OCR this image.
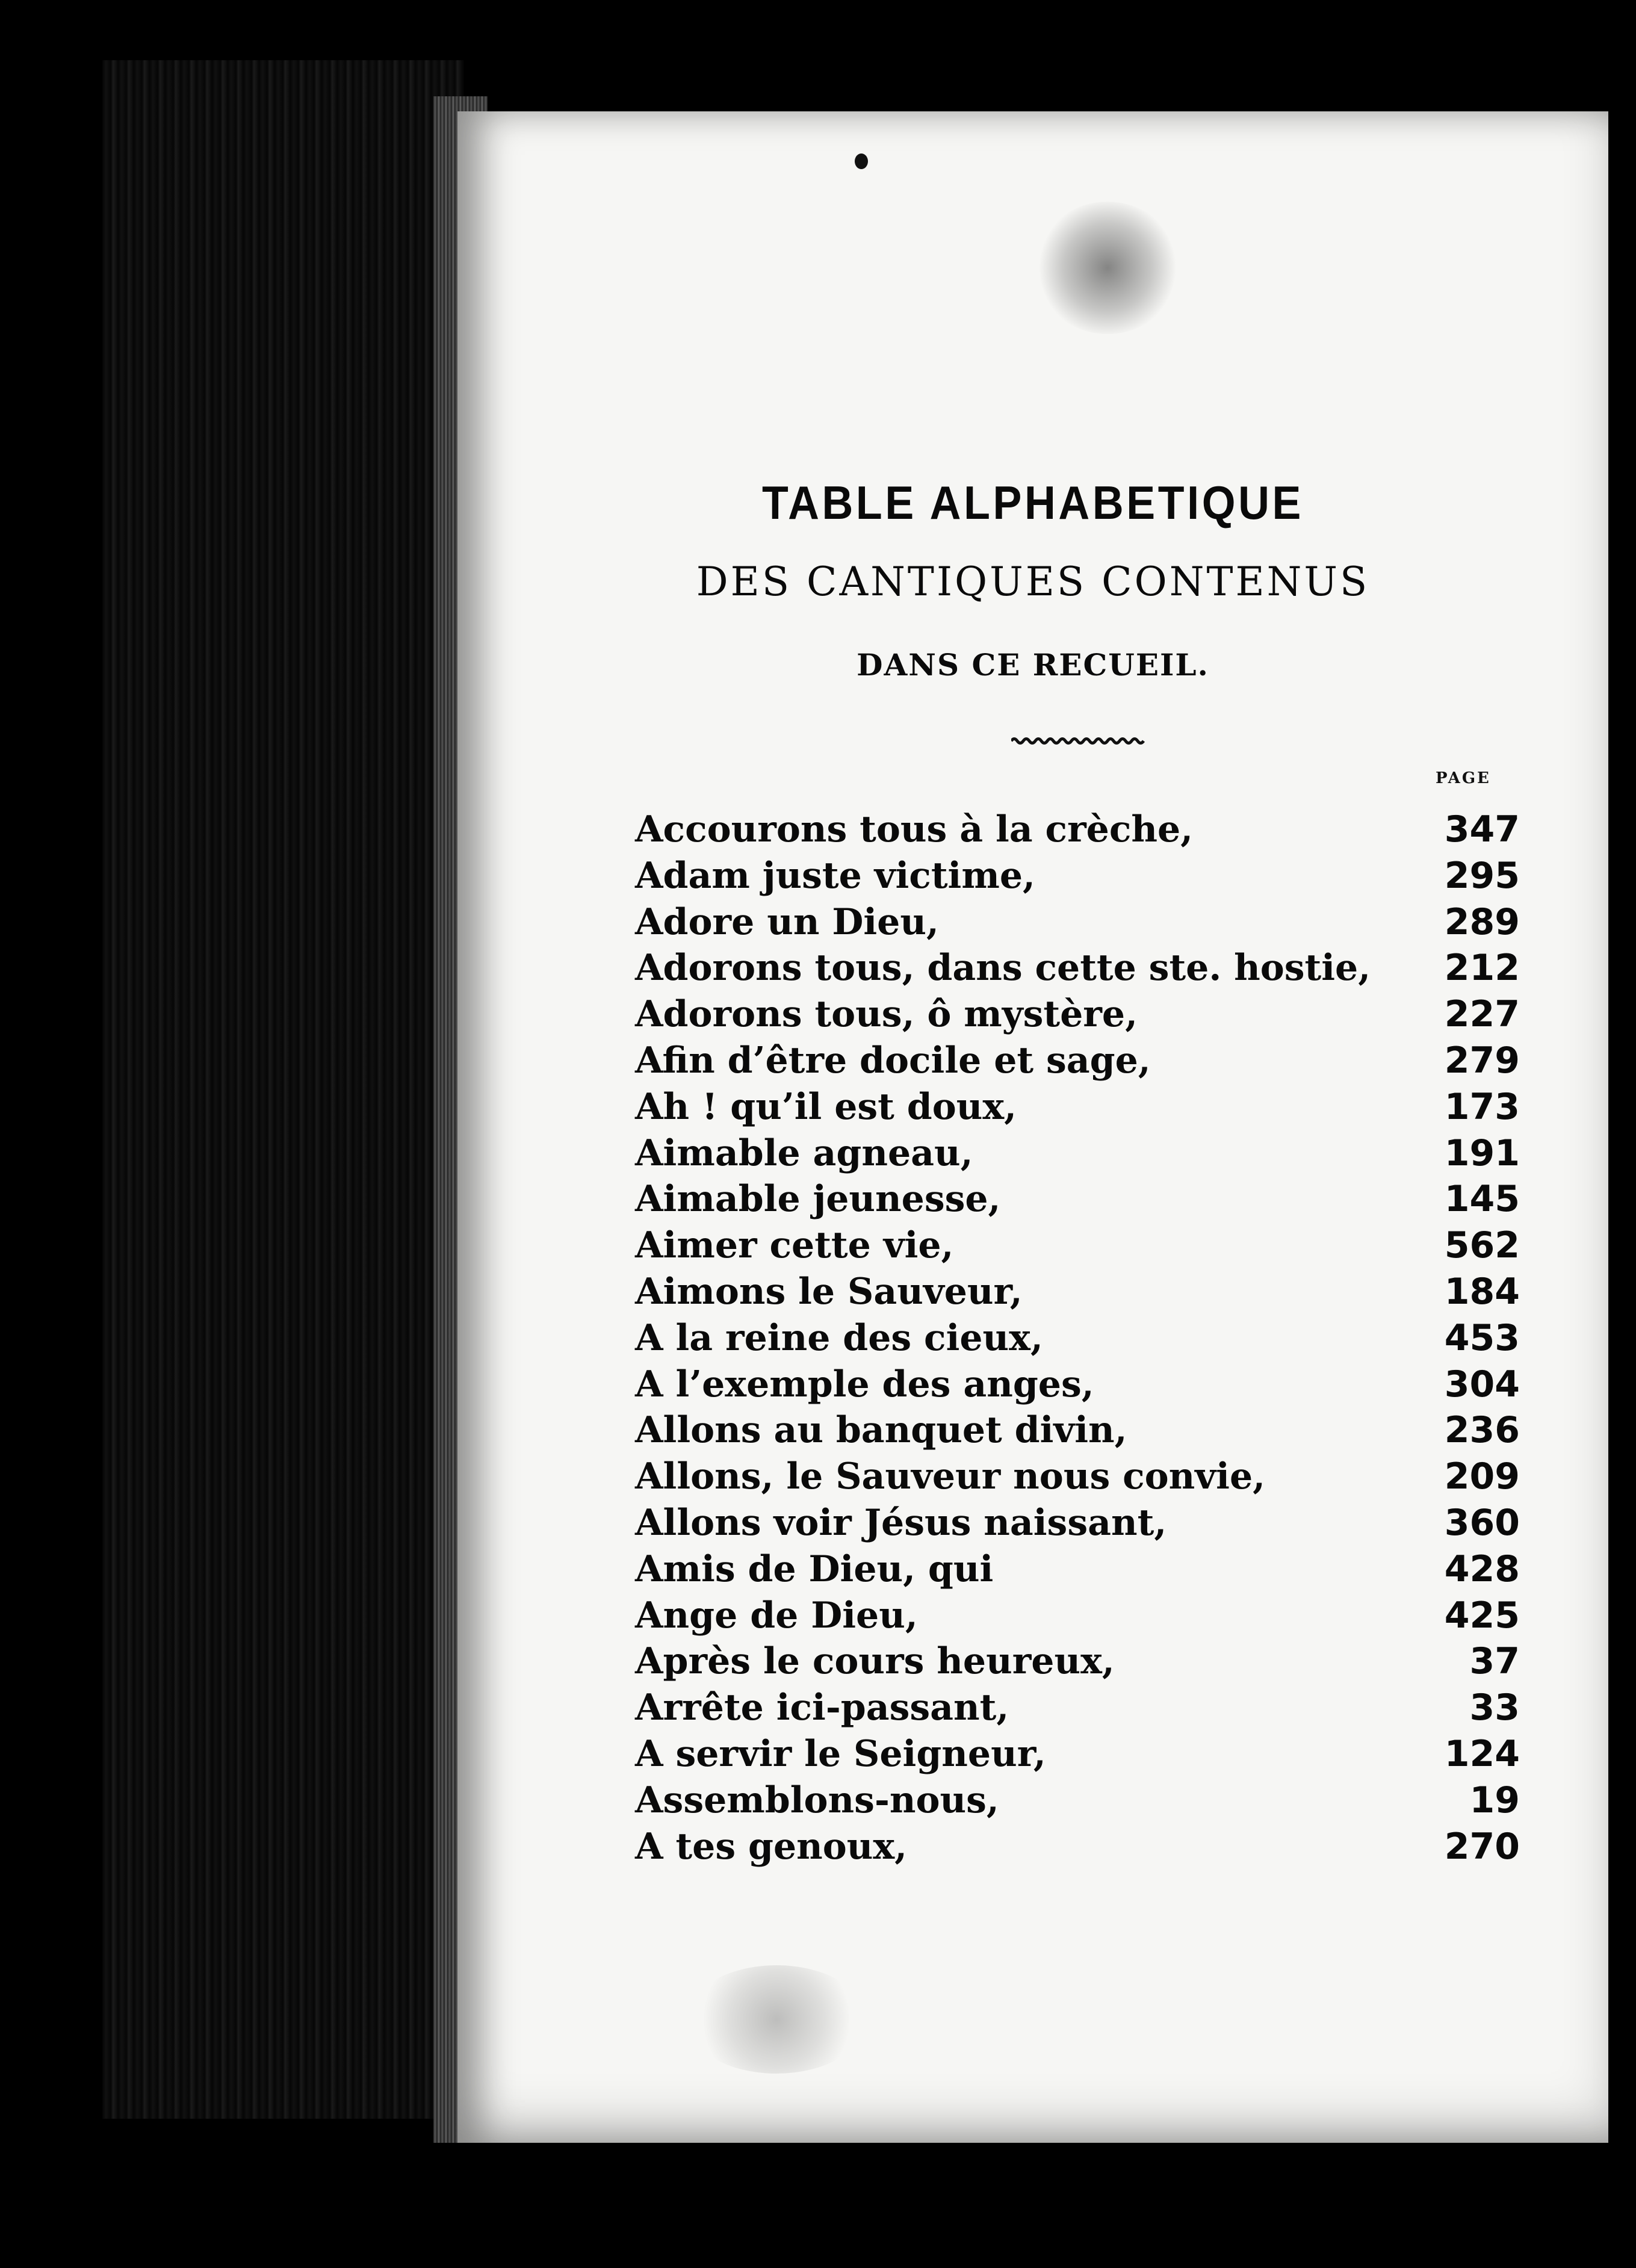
TABLE ALPHABETIQUE
DES CANTIQUES CONTENUS
DANS CE RECUEIL.
PAGE
Accourons tous à la crèche,	347
Adam juste victime,	295
Adore un Dieu,	289
Adorons tous, dans cette ste. hostie, 212
Adorons tous, ô mystère,	227
Afin d’être docile et sage,	279
Ah ! qu’il est doux,	173
Aimable agneau,	191
Aimable jeunesse,	145
Aimer cette vie,	562
Aimons le Sauveur,	184
A la reine des cieux,	453
A l’exemple des anges,	304
Allons au banquet divin,	236
Allons, le Sauveur nous convie,	209
Allons voir Jésus naissant,	360
Amis de Dieu, qui	428
Ange de Dieu,	425
Après le cours heureux,	37
Arrête ici-passant,	33
A servir le Seigneur,	124
Assemblons-nous,	19
A tes genoux,	270
